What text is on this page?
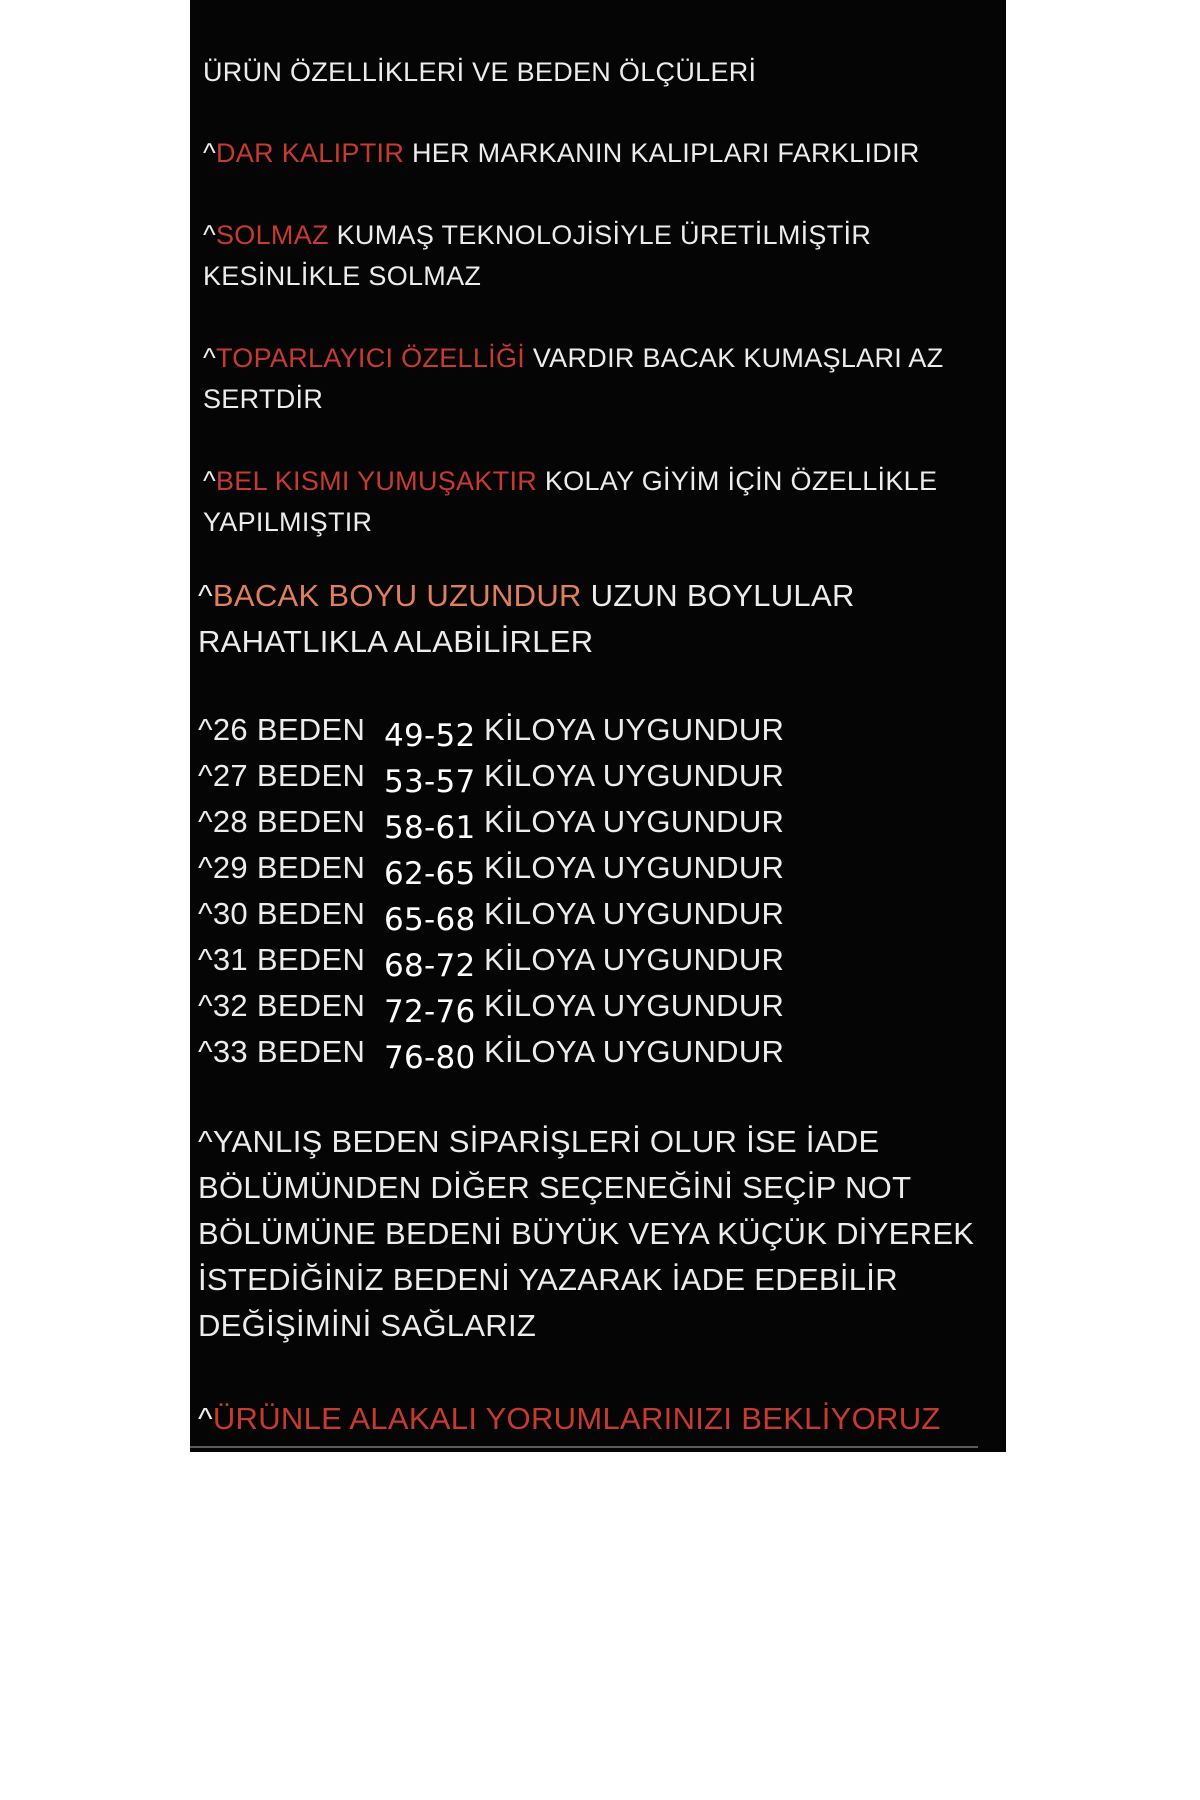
ÜRÜN ÖZELLİKLERİ VE BEDEN ÖLÇÜLERİ
^DAR KALIPTIR HER MARKANIN KALIPLARI FARKLIDIR
^SOLMAZ KUMAŞ TEKNOLOJİSİYLE ÜRETİLMİŞTİR
KESİNLİKLE SOLMAZ
^TOPARLAYICI ÖZELLİĞİ VARDIR BACAK KUMAŞLARI AZ
SERTDİR
^BEL KISMI YUMUŞAKTIR KOLAY GİYİM İÇİN ÖZELLİKLE
YAPILMIŞTIR
^BACAK BOYU UZUNDUR UZUN BOYLULAR
RAHATLIKLA ALABİLİRLER
^26 BEDEN 49-52 KİLOYA UYGUNDUR
^27 BEDEN 53-57 KİLOYA UYGUNDUR
^28 BEDEN 58-61 KİLOYA UYGUNDUR
^29 BEDEN 62-65 KİLOYA UYGUNDUR
^30 BEDEN 65-68 KİLOYA UYGUNDUR
^31 BEDEN 68-72 KİLOYA UYGUNDUR
^32 BEDEN 72-76 KİLOYA UYGUNDUR
^33 BEDEN 76-80 KİLOYA UYGUNDUR
^YANLIŞ BEDEN SİPARİŞLERİ OLUR İSE İADE
BÖLÜMÜNDEN DİĞER SEÇENEĞİNİ SEÇİP NOT
BÖLÜMÜNE BEDENİ BÜYÜK VEYA KÜÇÜK DİYEREK
İSTEDİĞİNİZ BEDENİ YAZARAK İADE EDEBİLİR
DEĞİŞİMİNİ SAĞLARIZ
^ÜRÜNLE ALAKALI YORUMLARINIZI BEKLİYORUZ
